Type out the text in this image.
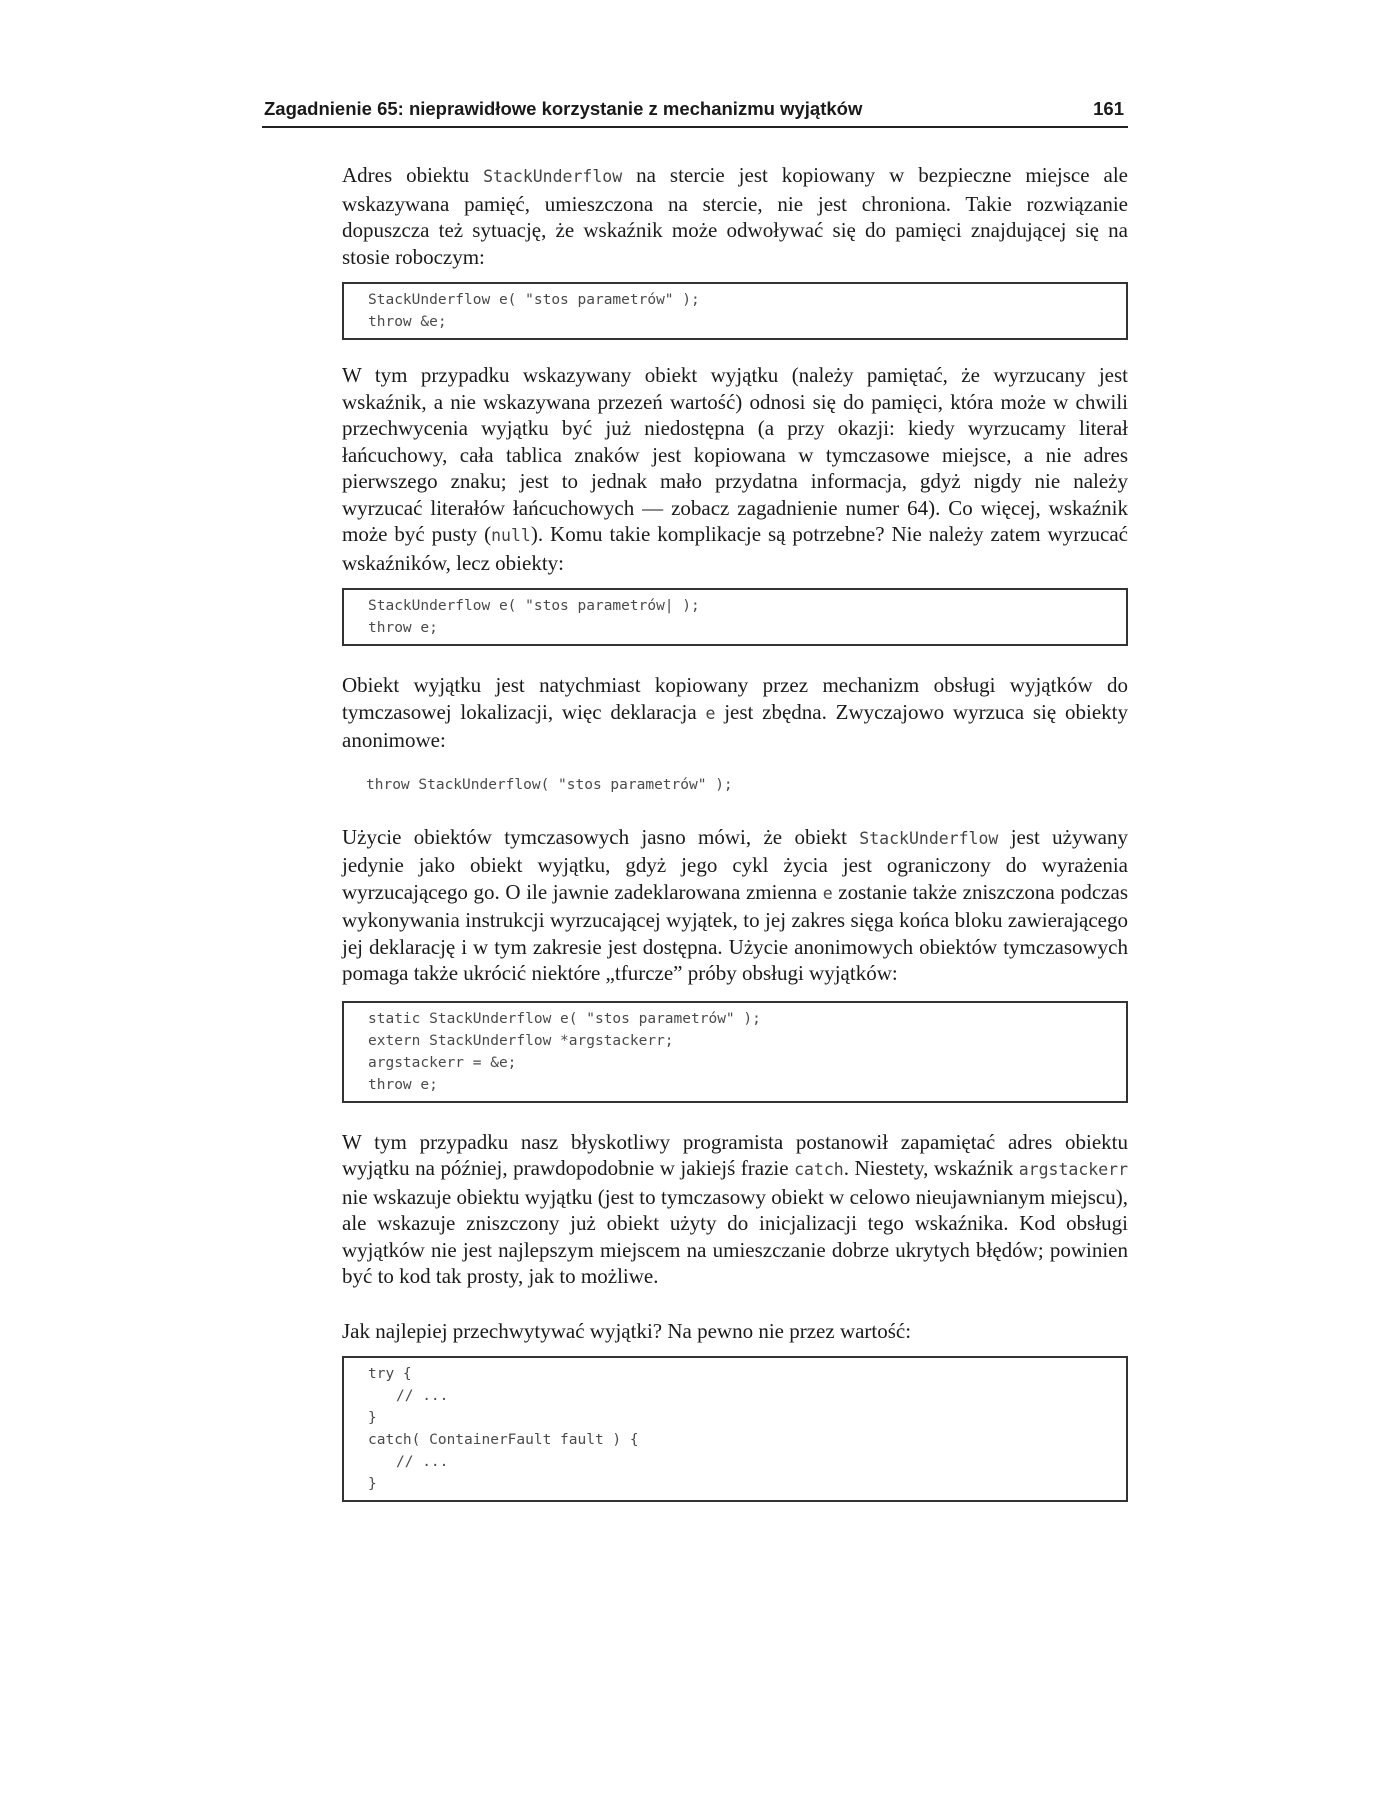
Zagadnienie 65: nieprawidłowe korzystanie z mechanizmu wyjątków	161

Adres obiektu StackUnderflow na stercie jest kopiowany w bezpieczne miejsce ale wskazywana pamięć, umieszczona na stercie, nie jest chroniona. Takie rozwiązanie dopuszcza też sytuację, że wskaźnik może odwoływać się do pamięci znajdującej się na stosie roboczym:

StackUnderflow e( "stos parametrów" );
throw &e;

W tym przypadku wskazywany obiekt wyjątku (należy pamiętać, że wyrzucany jest wskaźnik, a nie wskazywana przezeń wartość) odnosi się do pamięci, która może w chwili przechwycenia wyjątku być już niedostępna (a przy okazji: kiedy wyrzucamy literał łańcuchowy, cała tablica znaków jest kopiowana w tymczasowe miejsce, a nie adres pierwszego znaku; jest to jednak mało przydatna informacja, gdyż nigdy nie należy wyrzucać literałów łańcuchowych — zobacz zagadnienie numer 64). Co więcej, wskaźnik może być pusty (null). Komu takie komplikacje są potrzebne? Nie należy zatem wyrzucać wskaźników, lecz obiekty:

StackUnderflow e( "stos parametrów| );
throw e;

Obiekt wyjątku jest natychmiast kopiowany przez mechanizm obsługi wyjątków do tymczasowej lokalizacji, więc deklaracja e jest zbędna. Zwyczajowo wyrzuca się obiekty anonimowe:

throw StackUnderflow( "stos parametrów" );

Użycie obiektów tymczasowych jasno mówi, że obiekt StackUnderflow jest używany jedynie jako obiekt wyjątku, gdyż jego cykl życia jest ograniczony do wyrażenia wyrzucającego go. O ile jawnie zadeklarowana zmienna e zostanie także zniszczona podczas wykonywania instrukcji wyrzucającej wyjątek, to jej zakres sięga końca bloku zawierającego jej deklarację i w tym zakresie jest dostępna. Użycie anonimowych obiektów tymczasowych pomaga także ukrócić niektóre „tfurcze” próby obsługi wyjątków:

static StackUnderflow e( "stos parametrów" );
extern StackUnderflow *argstackerr;
argstackerr = &e;
throw e;

W tym przypadku nasz błyskotliwy programista postanowił zapamiętać adres obiektu wyjątku na później, prawdopodobnie w jakiejś frazie catch. Niestety, wskaźnik argstackerr nie wskazuje obiektu wyjątku (jest to tymczasowy obiekt w celowo nieujawnianym miejscu), ale wskazuje zniszczony już obiekt użyty do inicjalizacji tego wskaźnika. Kod obsługi wyjątków nie jest najlepszym miejscem na umieszczanie dobrze ukrytych błędów; powinien być to kod tak prosty, jak to możliwe.

Jak najlepiej przechwytywać wyjątki? Na pewno nie przez wartość:

try {
// ...
}
catch( ContainerFault fault ) {
// ...
}
